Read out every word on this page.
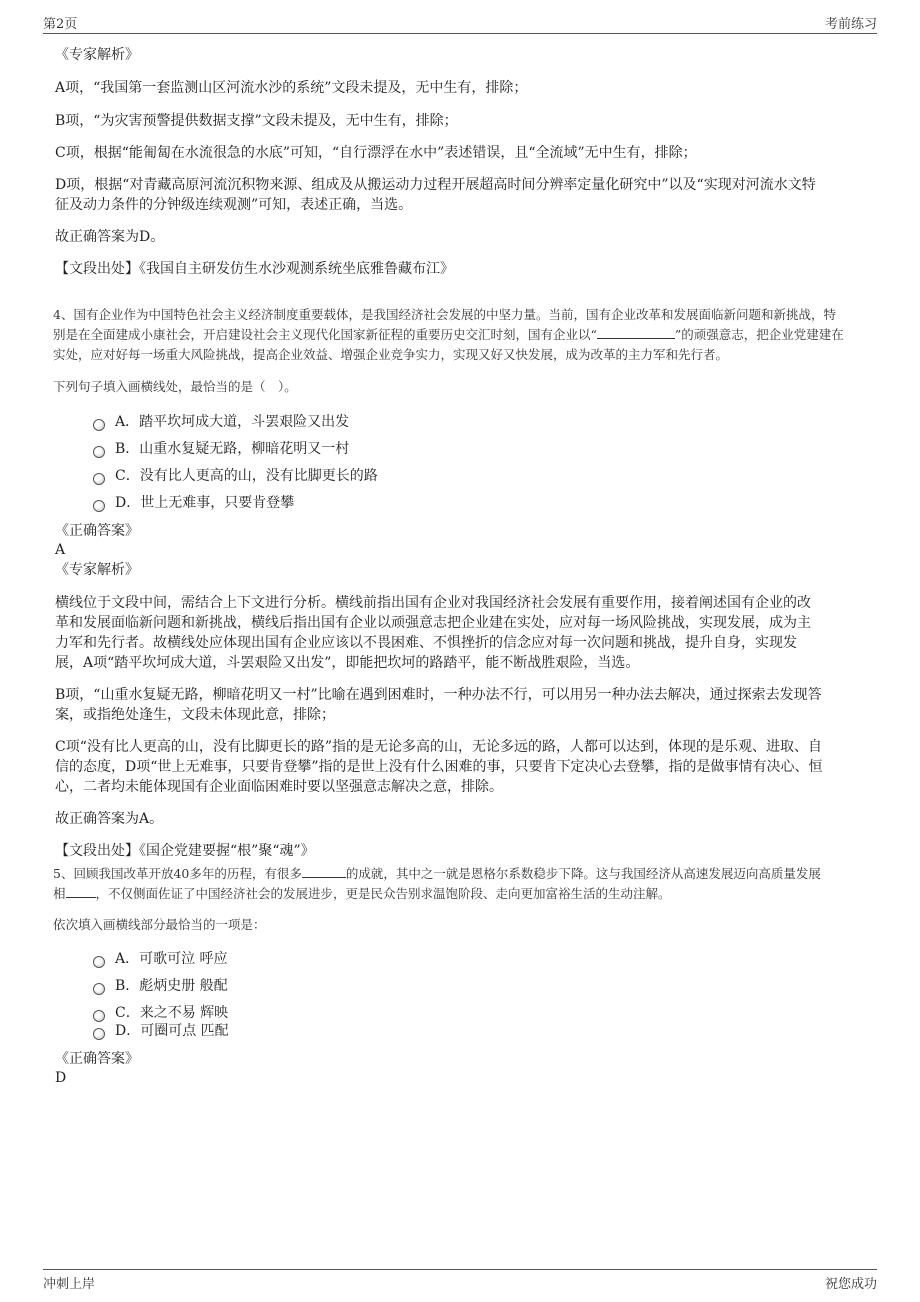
第2页	考前练习

《专家解析》

A项，“我国第一套监测山区河流水沙的系统”文段未提及，无中生有，排除；

B项，“为灾害预警提供数据支撑”文段未提及，无中生有，排除；

C项，根据“能匍匐在水流很急的水底”可知，“自行漂浮在水中”表述错误，且“全流域”无中生有，排除；

D项，根据“对青藏高原河流沉积物来源、组成及从搬运动力过程开展超高时间分辨率定量化研究中”以及“实现对河流水文特

征及动力条件的分钟级连续观测”可知，表述正确，当选。

故正确答案为D。

【文段出处】《我国自主研发仿生水沙观测系统坐底雅鲁藏布江》

4、国有企业作为中国特色社会主义经济制度重要载体，是我国经济社会发展的中坚力量。当前，国有企业改革和发展面临新问题和新挑战，特

别是在全面建成小康社会，开启建设社会主义现代化国家新征程的重要历史交汇时刻，国有企业以“	”的顽强意志，把企业党建建在

实处，应对好每一场重大风险挑战，提高企业效益、增强企业竞争实力，实现又好又快发展，成为改革的主力军和先行者。

下列句子填入画横线处，最恰当的是（　）。

A．踏平坎坷成大道，斗罢艰险又出发
B．山重水复疑无路，柳暗花明又一村
C．没有比人更高的山，没有比脚更长的路
D．世上无难事，只要肯登攀

《正确答案》

A

《专家解析》

横线位于文段中间，需结合上下文进行分析。横线前指出国有企业对我国经济社会发展有重要作用，接着阐述国有企业的改

革和发展面临新问题和新挑战，横线后指出国有企业以顽强意志把企业建在实处，应对每一场风险挑战，实现发展，成为主

力军和先行者。故横线处应体现出国有企业应该以不畏困难、不惧挫折的信念应对每一次问题和挑战，提升自身，实现发

展，A项“踏平坎坷成大道，斗罢艰险又出发”，即能把坎坷的路踏平，能不断战胜艰险，当选。

B项，“山重水复疑无路，柳暗花明又一村”比喻在遇到困难时，一种办法不行，可以用另一种办法去解决，通过探索去发现答

案，或指绝处逢生，文段未体现此意，排除；

C项“没有比人更高的山，没有比脚更长的路”指的是无论多高的山，无论多远的路，人都可以达到，体现的是乐观、进取、自

信的态度，D项“世上无难事，只要肯登攀”指的是世上没有什么困难的事，只要肯下定决心去登攀，指的是做事情有决心、恒

心，二者均未能体现国有企业面临困难时要以坚强意志解决之意，排除。

故正确答案为A。

【文段出处】《国企党建要握“根”聚“魂”》

5、回顾我国改革开放40多年的历程，有很多	的成就，其中之一就是恩格尔系数稳步下降。这与我国经济从高速发展迈向高质量发展

相 ，不仅侧面佐证了中国经济社会的发展进步，更是民众告别求温饱阶段、走向更加富裕生活的生动注解。

依次填入画横线部分最恰当的一项是：

A．可歌可泣 呼应
B．彪炳史册 般配
C．来之不易 辉映
D．可圈可点 匹配

《正确答案》

D

冲刺上岸	祝您成功
